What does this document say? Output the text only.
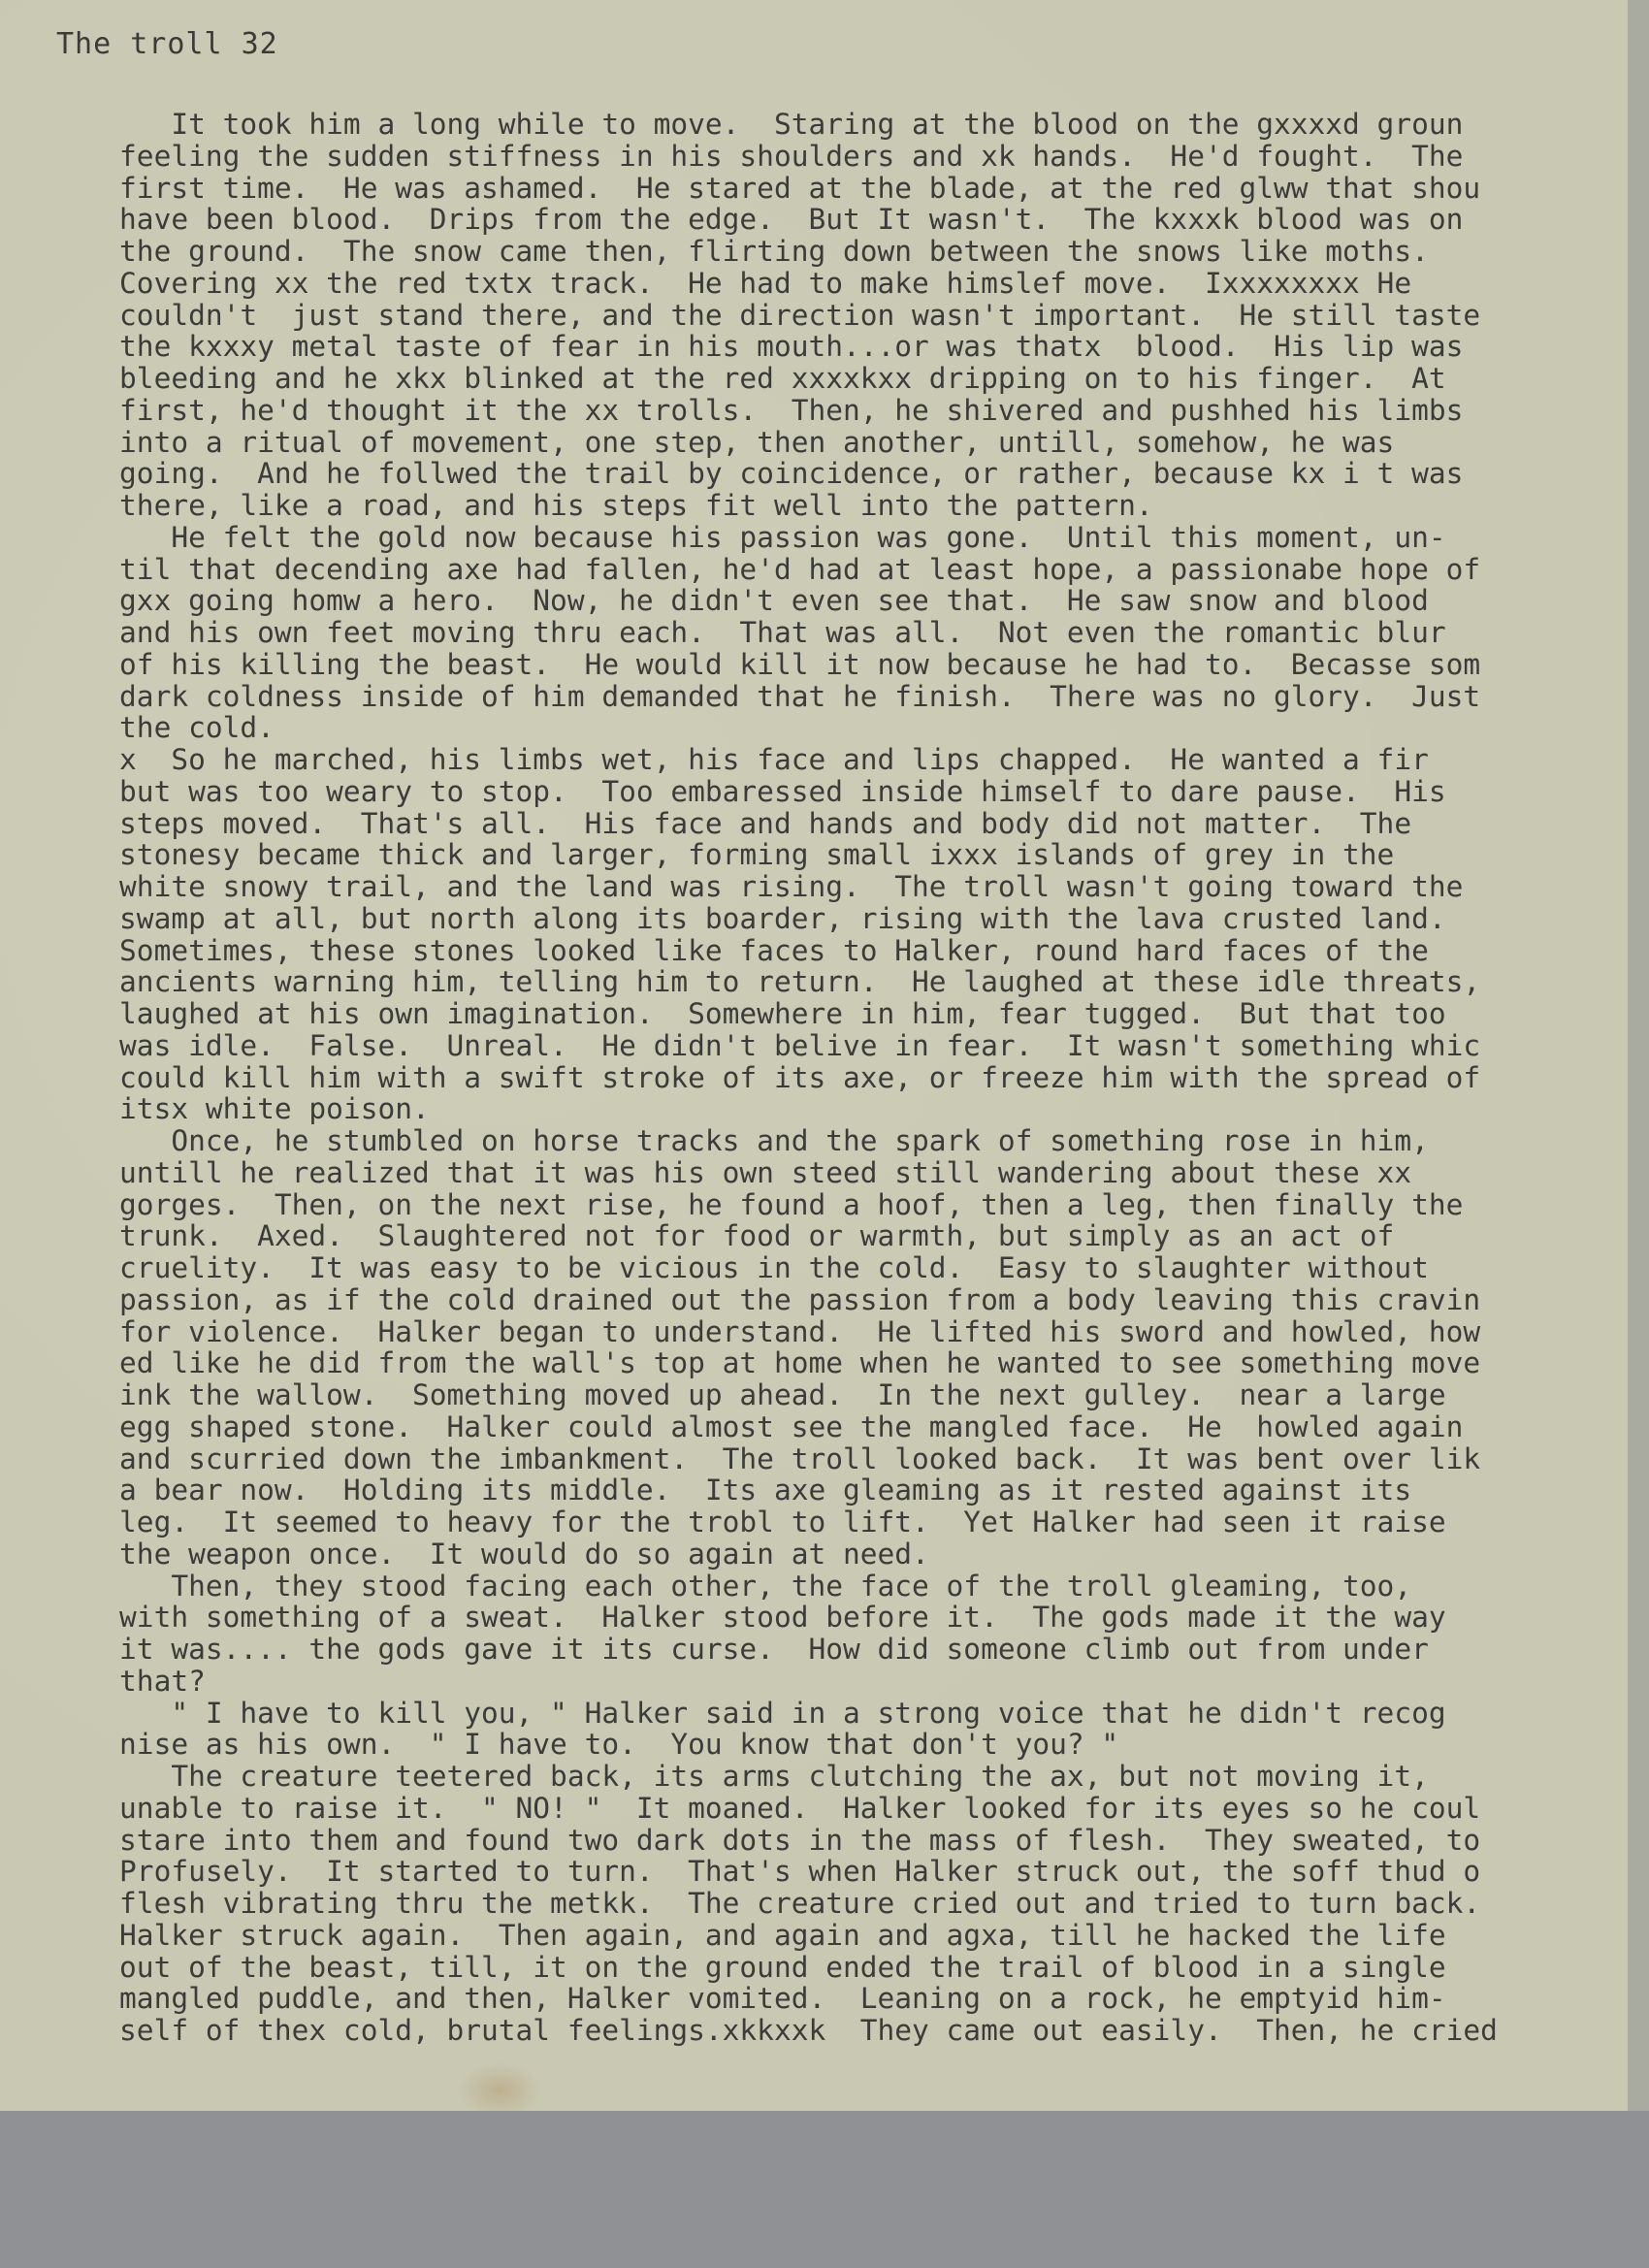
The troll 32
It took him a long while to move.  Staring at the blood on the gxxxxd groun
feeling the sudden stiffness in his shoulders and xk hands.  He'd fought.  The
first time.  He was ashamed.  He stared at the blade, at the red glww that shou
have been blood.  Drips from the edge.  But It wasn't.  The kxxxk blood was on
the ground.  The snow came then, flirting down between the snows like moths.
Covering xx the red txtx track.  He had to make himslef move.  Ixxxxxxxx He
couldn't  just stand there, and the direction wasn't important.  He still taste
the kxxxy metal taste of fear in his mouth...or was thatx  blood.  His lip was
bleeding and he xkx blinked at the red xxxxkxx dripping on to his finger.  At
first, he'd thought it the xx trolls.  Then, he shivered and pushhed his limbs
into a ritual of movement, one step, then another, untill, somehow, he was
going.  And he follwed the trail by coincidence, or rather, because kx i t was
there, like a road, and his steps fit well into the pattern.
He felt the gold now because his passion was gone.  Until this moment, un-
til that decending axe had fallen, he'd had at least hope, a passionabe hope of
gxx going homw a hero.  Now, he didn't even see that.  He saw snow and blood
and his own feet moving thru each.  That was all.  Not even the romantic blur
of his killing the beast.  He would kill it now because he had to.  Becasse som
dark coldness inside of him demanded that he finish.  There was no glory.  Just
the cold.
x  So he marched, his limbs wet, his face and lips chapped.  He wanted a fir
but was too weary to stop.  Too embaressed inside himself to dare pause.  His
steps moved.  That's all.  His face and hands and body did not matter.  The
stonesy became thick and larger, forming small ixxx islands of grey in the
white snowy trail, and the land was rising.  The troll wasn't going toward the
swamp at all, but north along its boarder, rising with the lava crusted land.
Sometimes, these stones looked like faces to Halker, round hard faces of the
ancients warning him, telling him to return.  He laughed at these idle threats,
laughed at his own imagination.  Somewhere in him, fear tugged.  But that too
was idle.  False.  Unreal.  He didn't belive in fear.  It wasn't something whic
could kill him with a swift stroke of its axe, or freeze him with the spread of
itsx white poison.
Once, he stumbled on horse tracks and the spark of something rose in him,
untill he realized that it was his own steed still wandering about these xx
gorges.  Then, on the next rise, he found a hoof, then a leg, then finally the
trunk.  Axed.  Slaughtered not for food or warmth, but simply as an act of
cruelity.  It was easy to be vicious in the cold.  Easy to slaughter without
passion, as if the cold drained out the passion from a body leaving this cravin
for violence.  Halker began to understand.  He lifted his sword and howled, how
ed like he did from the wall's top at home when he wanted to see something move
ink the wallow.  Something moved up ahead.  In the next gulley.  near a large
egg shaped stone.  Halker could almost see the mangled face.  He  howled again
and scurried down the imbankment.  The troll looked back.  It was bent over lik
a bear now.  Holding its middle.  Its axe gleaming as it rested against its
leg.  It seemed to heavy for the trobl to lift.  Yet Halker had seen it raise
the weapon once.  It would do so again at need.
Then, they stood facing each other, the face of the troll gleaming, too,
with something of a sweat.  Halker stood before it.  The gods made it the way
it was.... the gods gave it its curse.  How did someone climb out from under
that?
" I have to kill you, " Halker said in a strong voice that he didn't recog
nise as his own.  " I have to.  You know that don't you? "
The creature teetered back, its arms clutching the ax, but not moving it,
unable to raise it.  " NO! "  It moaned.  Halker looked for its eyes so he coul
stare into them and found two dark dots in the mass of flesh.  They sweated, to
Profusely.  It started to turn.  That's when Halker struck out, the soff thud o
flesh vibrating thru the metkk.  The creature cried out and tried to turn back.
Halker struck again.  Then again, and again and agxa, till he hacked the life
out of the beast, till, it on the ground ended the trail of blood in a single
mangled puddle, and then, Halker vomited.  Leaning on a rock, he emptyid him-
self of thex cold, brutal feelings.xkkxxk  They came out easily.  Then, he cried
